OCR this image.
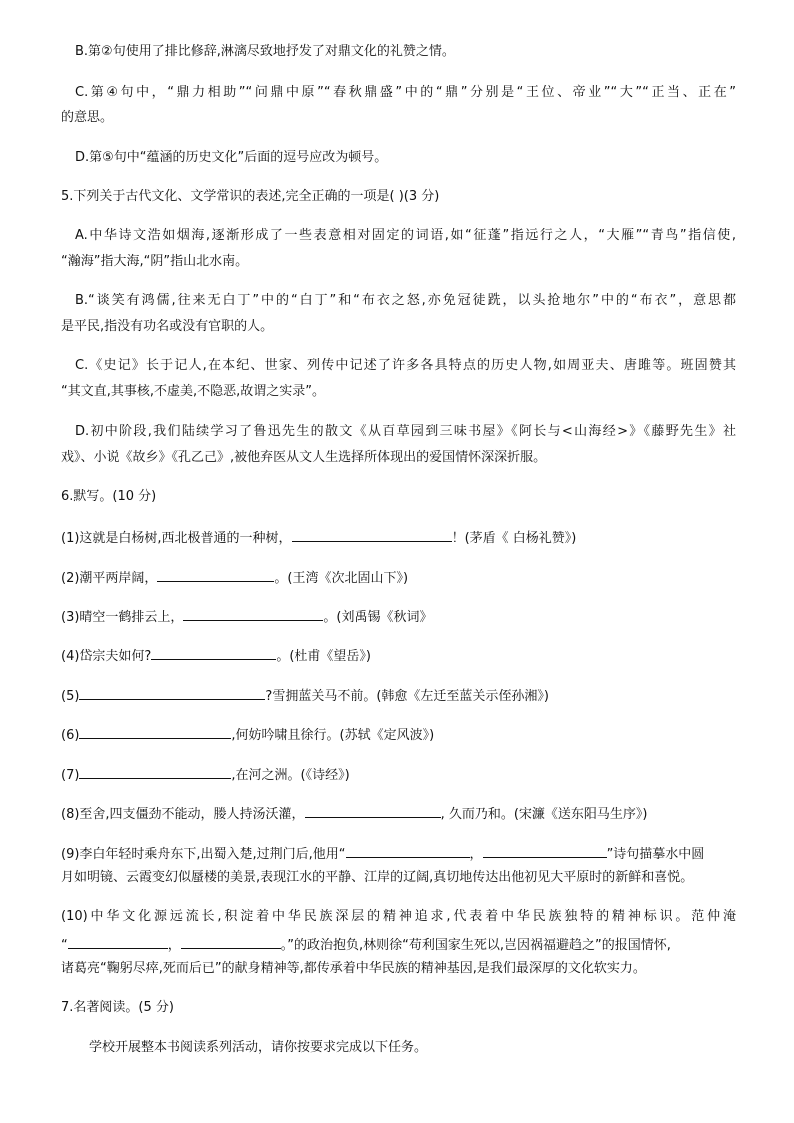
B.第②句使用了排比修辞,淋漓尽致地抒发了对鼎文化的礼赞之情。
C.第④句中，“鼎力相助”“问鼎中原”“春秋鼎盛”中的“鼎”分别是“王位、帝业”“大”“正当、正在”
的意思。
D.第⑤句中“蕴涵的历史文化”后面的逗号应改为顿号。
5.下列关于古代文化、文学常识的表述,完全正确的一项是( )(3 分)
A.中华诗文浩如烟海,逐渐形成了一些表意相对固定的词语,如“征蓬”指远行之人，“大雁”“青鸟”指信使,
“瀚海”指大海,“阴”指山北水南。
B.“谈笑有鸿儒,往来无白丁”中的“白丁”和“布衣之怒,亦免冠徒跣，以头抢地尔”中的“布衣”，意思都
是平民,指没有功名或没有官职的人。
C.《史记》长于记人,在本纪、世家、列传中记述了许多各具特点的历史人物,如周亚夫、唐雎等。班固赞其
“其文直,其事核,不虚美,不隐恶,故谓之实录”。
D.初中阶段,我们陆续学习了鲁迅先生的散文《从百草园到三味书屋》《阿长与<山海经>》《藤野先生》社
戏》、小说《故乡》《孔乙己》,被他弃医从文人生选择所体现出的爱国情怀深深折服。
6.默写。(10 分)
(1)这就是白杨树,西北极普通的一种树，	！(茅盾《 白杨礼赞》)
(2)潮平两岸阔，	。(王湾《次北固山下》)
(3)晴空一鹤排云上，	。(刘禹锡《秋词》
(4)岱宗夫如何?	。(杜甫《望岳》)
(5)	?雪拥蓝关马不前。(韩愈《左迁至蓝关示侄孙湘》)
(6)	,何妨吟啸且徐行。(苏轼《定风波》)
(7)	,在河之洲。(《诗经》)
(8)至舍,四支僵劲不能动，媵人持汤沃灌，	, 久而乃和。(宋濂《送东阳马生序》)
(9)李白年轻时乘舟东下,出蜀入楚,过荆门后,他用“	，	”诗句描摹水中圆
月如明镜、云霞变幻似蜃楼的美景,表现江水的平静、江岸的辽阔,真切地传达出他初见大平原时的新鲜和喜悦。
(10)中华文化源远流长,积淀着中华民族深层的精神追求,代表着中华民族独特的精神标识。范仲淹
“	，	。”的政治抱负,林则徐“苟利国家生死以,岂因祸福避趋之”的报国情怀,
诸葛亮“鞠躬尽瘁,死而后已”的献身精神等,都传承着中华民族的精神基因,是我们最深厚的文化软实力。
7.名著阅读。(5 分)
学校开展整本书阅读系列活动，请你按要求完成以下任务。
